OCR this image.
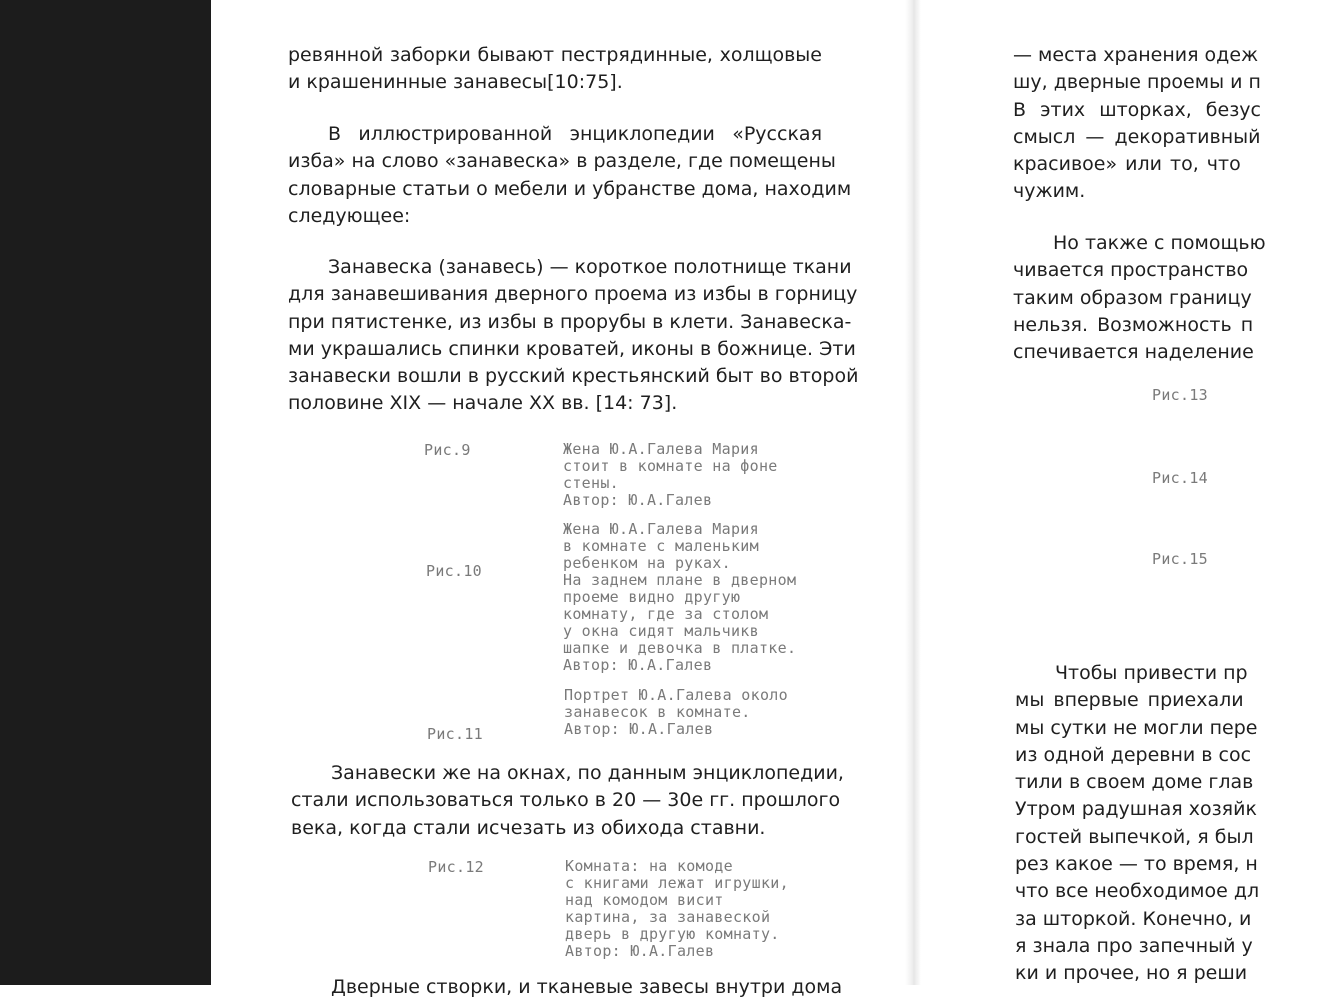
ревянной заборки бывают пестрядинные, холщовые
и крашенинные занавесы[10:75].
В иллюстрированной энциклопедии «Русская
изба» на слово «занавеска» в разделе, где помещены
словарные статьи о мебели и убранстве дома, находим
следующее:
Занавеска (занавесь) — короткое полотнище ткани
для занавешивания дверного проема из избы в горницу
при пятистенке, из избы в прорубы в клети. Занавеска-
ми украшались спинки кроватей, иконы в божнице. Эти
занавески вошли в русский крестьянский быт во второй
половине XIX — начале XX вв. [14: 73].
Рис.9	Жена Ю.А.Галева Мария
стоит в комнате на фоне
стены.
Автор: Ю.А.Галев
Рис.10
Жена Ю.А.Галева Мария
в комнате с маленьким
ребенком на руках.
На заднем плане в дверном
проеме видно другую
комнату, где за столом
у окна сидят мальчикв
шапке и девочка в платке.
Автор: Ю.А.Галев
Портрет Ю.А.Галева около
занавесок в комнате.
Автор: Ю.А.Галев
Рис.11
Занавески же на окнах, по данным энциклопедии,
стали использоваться только в 20 — 30е гг. прошлого
века, когда стали исчезать из обихода ставни.
Рис.12	Комната: на комоде
с книгами лежат игрушки,
над комодом висит
картина, за занавеской
дверь в другую комнату.
Автор: Ю.А.Галев
Дверные створки, и тканевые завесы внутри дома
— места хранения одеж
шу, дверные проемы и п
В этих шторках, безус
смысл — декоративный
красивое» или то, что
чужим.
Но также с помощью
чивается пространство
таким образом границу
нельзя. Возможность п
спечивается наделение
Рис.13
Рис.14
Рис.15
Чтобы привести пр
мы впервые приехали
мы сутки не могли пере
из одной деревни в сос
тили в своем доме глав
Утром радушная хозяйк
гостей выпечкой, я был
рез какое — то время, н
что все необходимое дл
за шторкой. Конечно, и
я знала про запечный у
ки и прочее, но я реши
